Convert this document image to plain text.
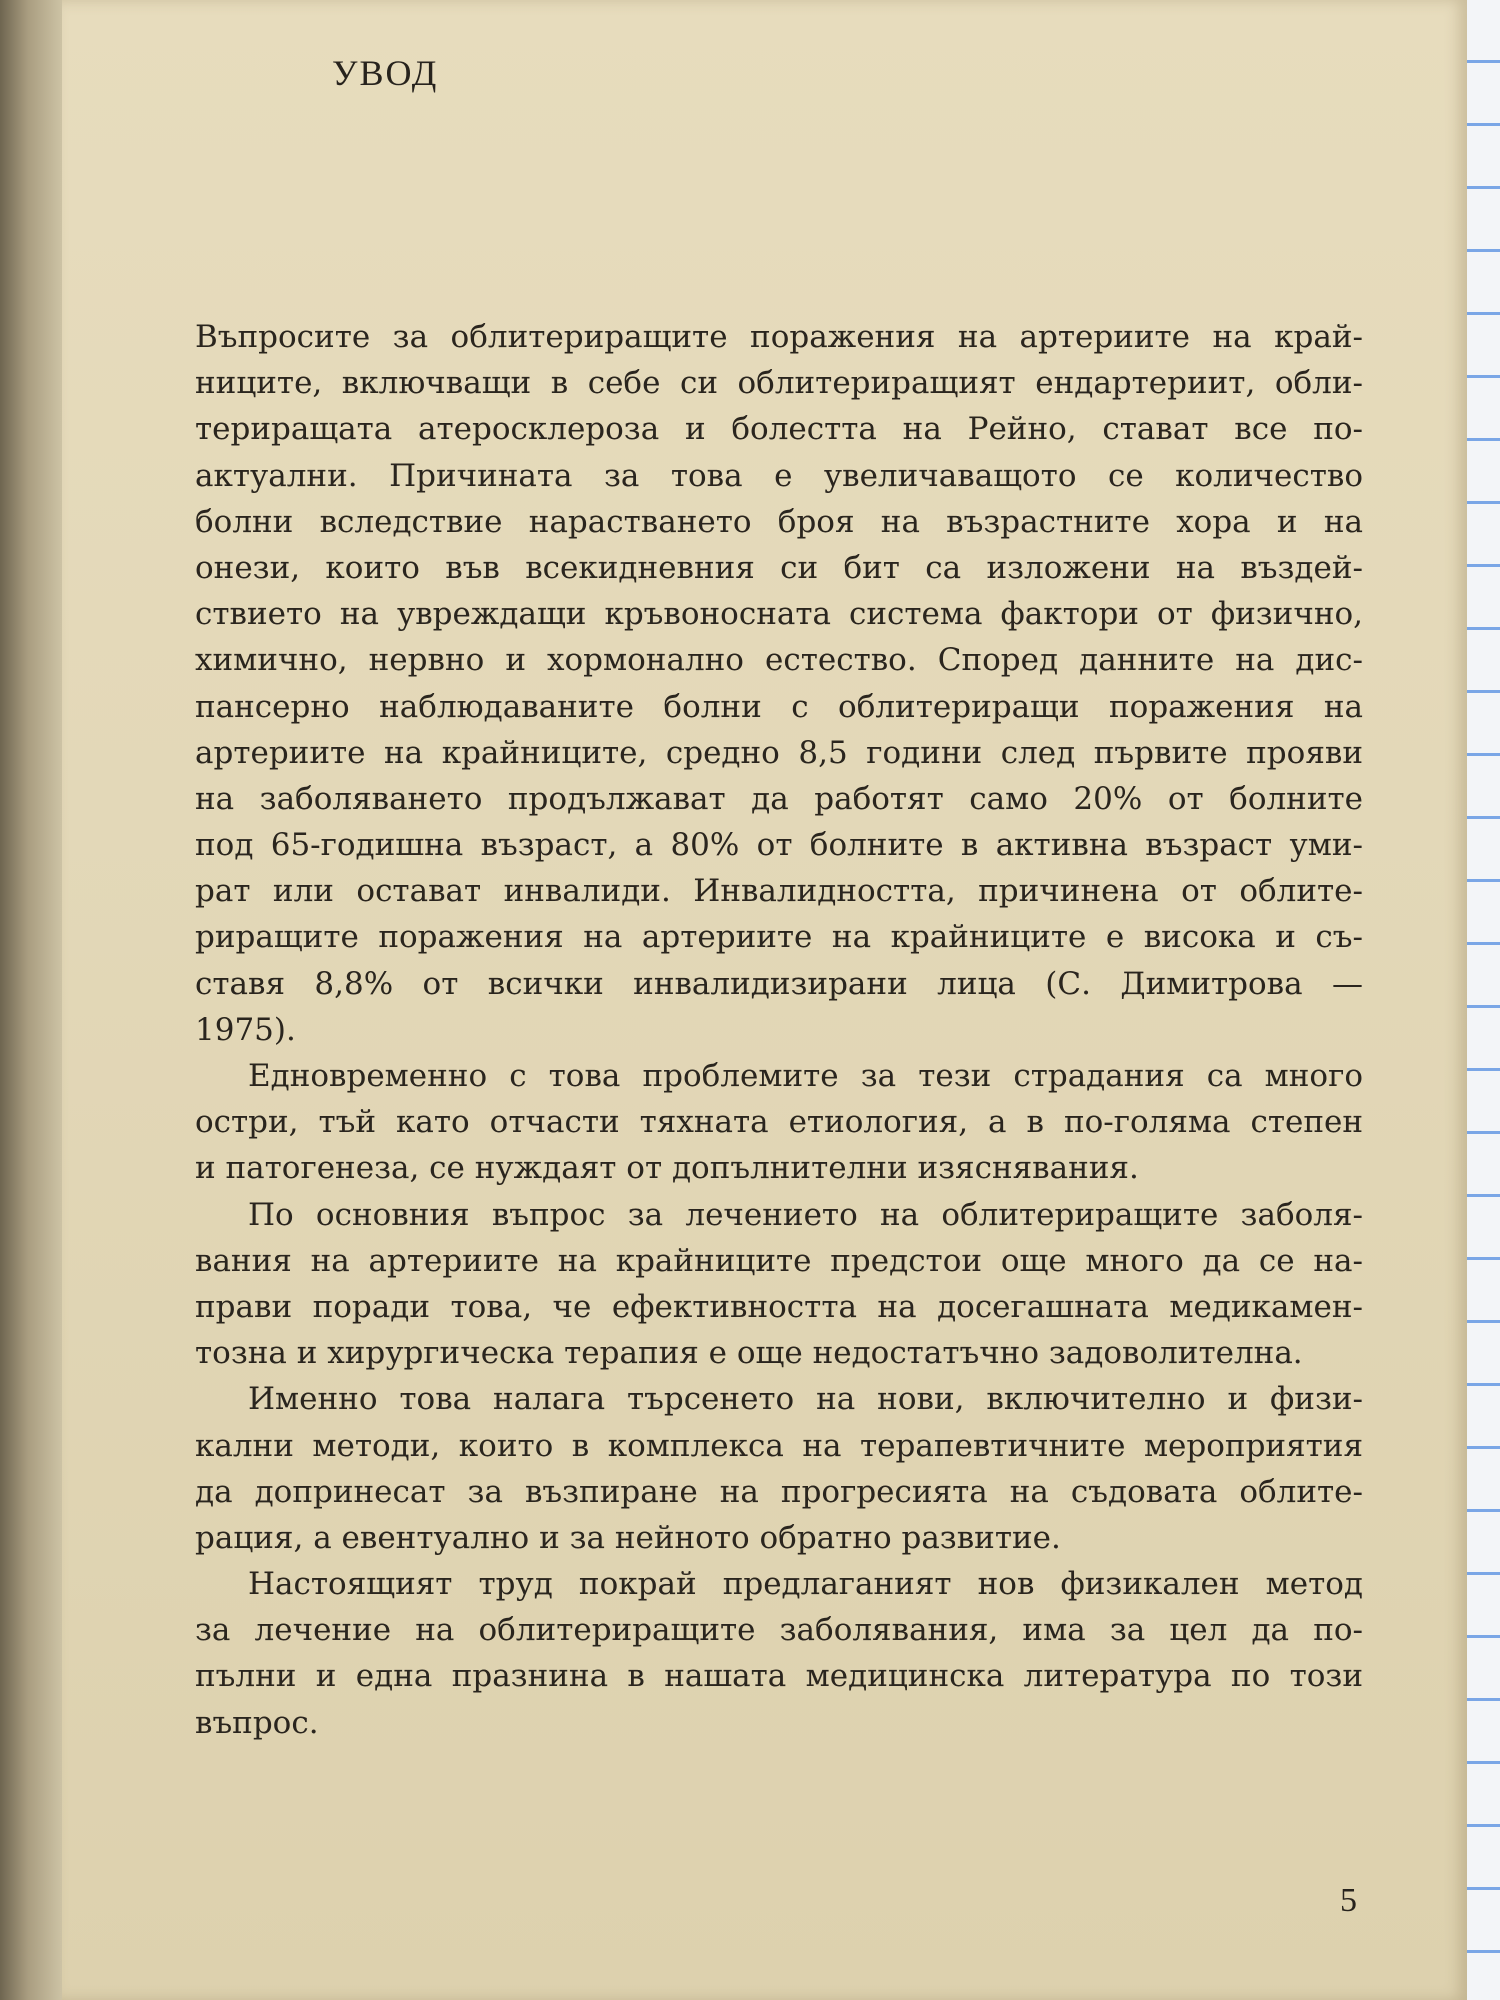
УВОД
Въпросите за облитериращите поражения на артериите на край-
ниците, включващи в себе си облитериращият ендартериит, обли-
териращата атеросклероза и болестта на Рейно, стават все по-
актуални. Причината за това е увеличаващото се количество
болни вследствие нарастването броя на възрастните хора и на
онези, които във всекидневния си бит са изложени на въздей-
ствието на увреждащи кръвоносната система фактори от физично,
химично, нервно и хормонално естество. Според данните на дис-
пансерно наблюдаваните болни с облитериращи поражения на
артериите на крайниците, средно 8,5 години след първите прояви
на заболяването продължават да работят само 20% от болните
под 65-годишна възраст, а 80% от болните в активна възраст уми-
рат или остават инвалиди. Инвалидността, причинена от облите-
риращите поражения на артериите на крайниците е висока и съ-
ставя 8,8% от всички инвалидизирани лица (С. Димитрова —
1975).
Едновременно с това проблемите за тези страдания са много
остри, тъй като отчасти тяхната етиология, а в по-голяма степен
и патогенеза, се нуждаят от допълнителни изяснявания.
По основния въпрос за лечението на облитериращите заболя-
вания на артериите на крайниците предстои още много да се на-
прави поради това, че ефективността на досегашната медикамен-
тозна и хирургическа терапия е още недостатъчно задоволителна.
Именно това налага търсенето на нови, включително и физи-
кални методи, които в комплекса на терапевтичните мероприятия
да допринесат за възпиране на прогресията на съдовата облите-
рация, а евентуално и за нейното обратно развитие.
Настоящият труд покрай предлаганият нов физикален метод
за лечение на облитериращите заболявания, има за цел да по-
пълни и една празнина в нашата медицинска литература по този
въпрос.
5
